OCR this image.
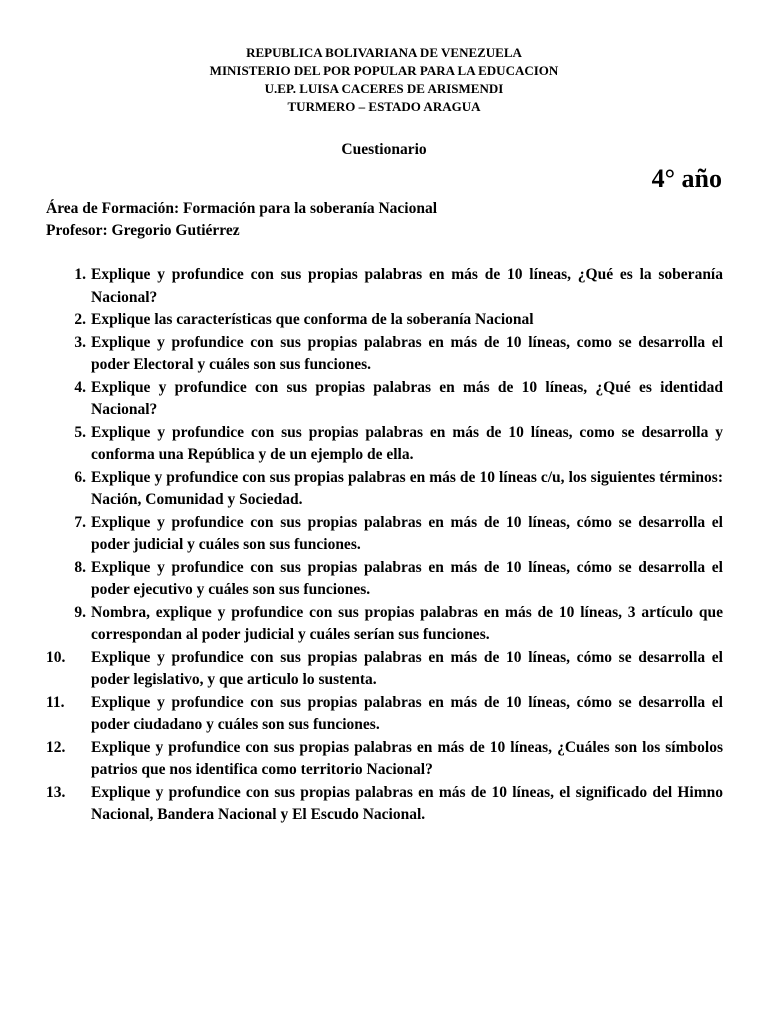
REPUBLICA BOLIVARIANA DE VENEZUELA
MINISTERIO DEL POR POPULAR PARA LA EDUCACION
U.EP. LUISA CACERES DE ARISMENDI
TURMERO – ESTADO ARAGUA
Cuestionario
4° año
Área de Formación: Formación para la soberanía Nacional
Profesor: Gregorio Gutiérrez
1. Explique y profundice con sus propias palabras en más de 10 líneas, ¿Qué es la soberanía Nacional?
2. Explique las características que conforma de la soberanía Nacional
3. Explique y profundice con sus propias palabras en más de 10 líneas, como se desarrolla el poder Electoral y cuáles son sus funciones.
4. Explique y profundice con sus propias palabras en más de 10 líneas, ¿Qué es identidad Nacional?
5. Explique y profundice con sus propias palabras en más de 10 líneas, como se desarrolla y conforma una República y de un ejemplo de ella.
6. Explique y profundice con sus propias palabras en más de 10 líneas c/u, los siguientes términos: Nación, Comunidad y Sociedad.
7. Explique y profundice con sus propias palabras en más de 10 líneas, cómo se desarrolla el poder judicial y cuáles son sus funciones.
8. Explique y profundice con sus propias palabras en más de 10 líneas, cómo se desarrolla el poder ejecutivo y cuáles son sus funciones.
9. Nombra, explique y profundice con sus propias palabras en más de 10 líneas, 3 artículo que correspondan al poder judicial y cuáles serían sus funciones.
10.	Explique y profundice con sus propias palabras en más de 10 líneas, cómo se desarrolla el poder legislativo, y que articulo lo sustenta.
11.	Explique y profundice con sus propias palabras en más de 10 líneas, cómo se desarrolla el poder ciudadano y cuáles son sus funciones.
12.	Explique y profundice con sus propias palabras en más de 10 líneas, ¿Cuáles son los símbolos patrios que nos identifica como territorio Nacional?
13.	Explique y profundice con sus propias palabras en más de 10 líneas, el significado del Himno Nacional, Bandera Nacional y El Escudo Nacional.
